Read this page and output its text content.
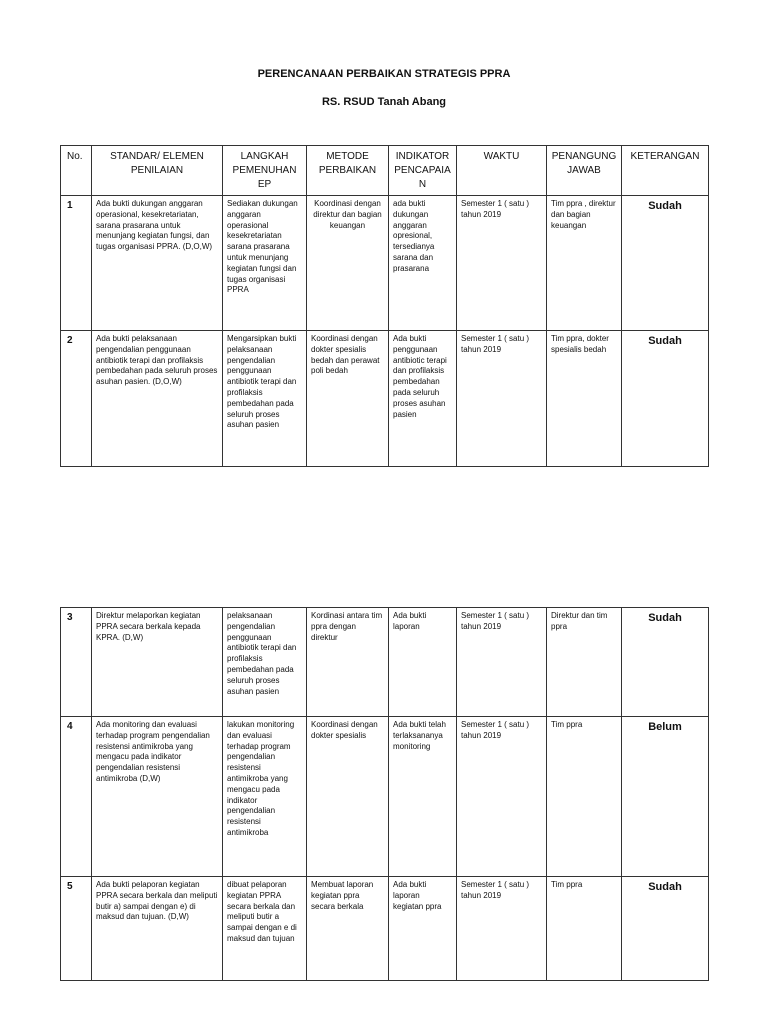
PERENCANAAN PERBAIKAN STRATEGIS PPRA
RS. RSUD Tanah Abang
No.	STANDAR/ ELEMEN PENILAIAN	LANGKAH PEMENUHAN EP	METODE PERBAIKAN	INDIKATOR PENCAPAIAN	WAKTU	PENANGUNG JAWAB	KETERANGAN
1	Ada bukti dukungan anggaran operasional, kesekretariatan, sarana prasarana untuk menunjang kegiatan fungsi, dan tugas organisasi PPRA. (D,O,W)	Sediakan dukungan anggaran operasional kesekretariatan sarana prasarana untuk menunjang kegiatan fungsi dan tugas organisasi PPRA	Koordinasi dengan direktur dan bagian keuangan	ada bukti dukungan anggaran opresional, tersedianya sarana dan prasarana	Semester 1 ( satu ) tahun 2019	Tim ppra , direktur dan bagian keuangan	Sudah
2	Ada bukti pelaksanaan pengendalian penggunaan antibiotik terapi dan profilaksis pembedahan pada seluruh proses asuhan pasien. (D,O,W)	Mengarsipkan bukti pelaksanaan pengendalian penggunaan antibiotik terapi dan profilaksis pembedahan pada seluruh proses asuhan pasien	Koordinasi dengan dokter spesialis bedah dan perawat poli bedah	Ada bukti penggunaan antibiotic terapi dan profilaksis pembedahan pada seluruh proses asuhan pasien	Semester 1 ( satu ) tahun 2019	Tim ppra, dokter spesialis bedah	Sudah
3	Direktur melaporkan kegiatan PPRA secara berkala kepada KPRA. (D,W)	pelaksanaan pengendalian penggunaan antibiotik terapi dan profilaksis pembedahan pada seluruh proses asuhan pasien	Kordinasi antara tim ppra dengan direktur	Ada bukti laporan	Semester 1 ( satu ) tahun 2019	Direktur dan tim ppra	Sudah
4	Ada monitoring dan evaluasi terhadap program pengendalian resistensi antimikroba yang mengacu pada indikator pengendalian resistensi antimikroba (D,W)	lakukan monitoring dan evaluasi terhadap program pengendalian resistensi antimikroba yang mengacu pada indikator pengendalian resistensi antimikroba	Koordinasi dengan dokter spesialis	Ada bukti telah terlaksananya monitoring	Semester 1 ( satu ) tahun 2019	Tim ppra	Belum
5	Ada bukti pelaporan kegiatan PPRA secara berkala dan meliputi butir a) sampai dengan e) di maksud dan tujuan. (D,W)	dibuat pelaporan kegiatan PPRA secara berkala dan meliputi butir a sampai dengan e di maksud dan tujuan	Membuat laporan kegiatan ppra secara berkala	Ada bukti laporan kegiatan ppra	Semester 1 ( satu ) tahun 2019	Tim ppra	Sudah
